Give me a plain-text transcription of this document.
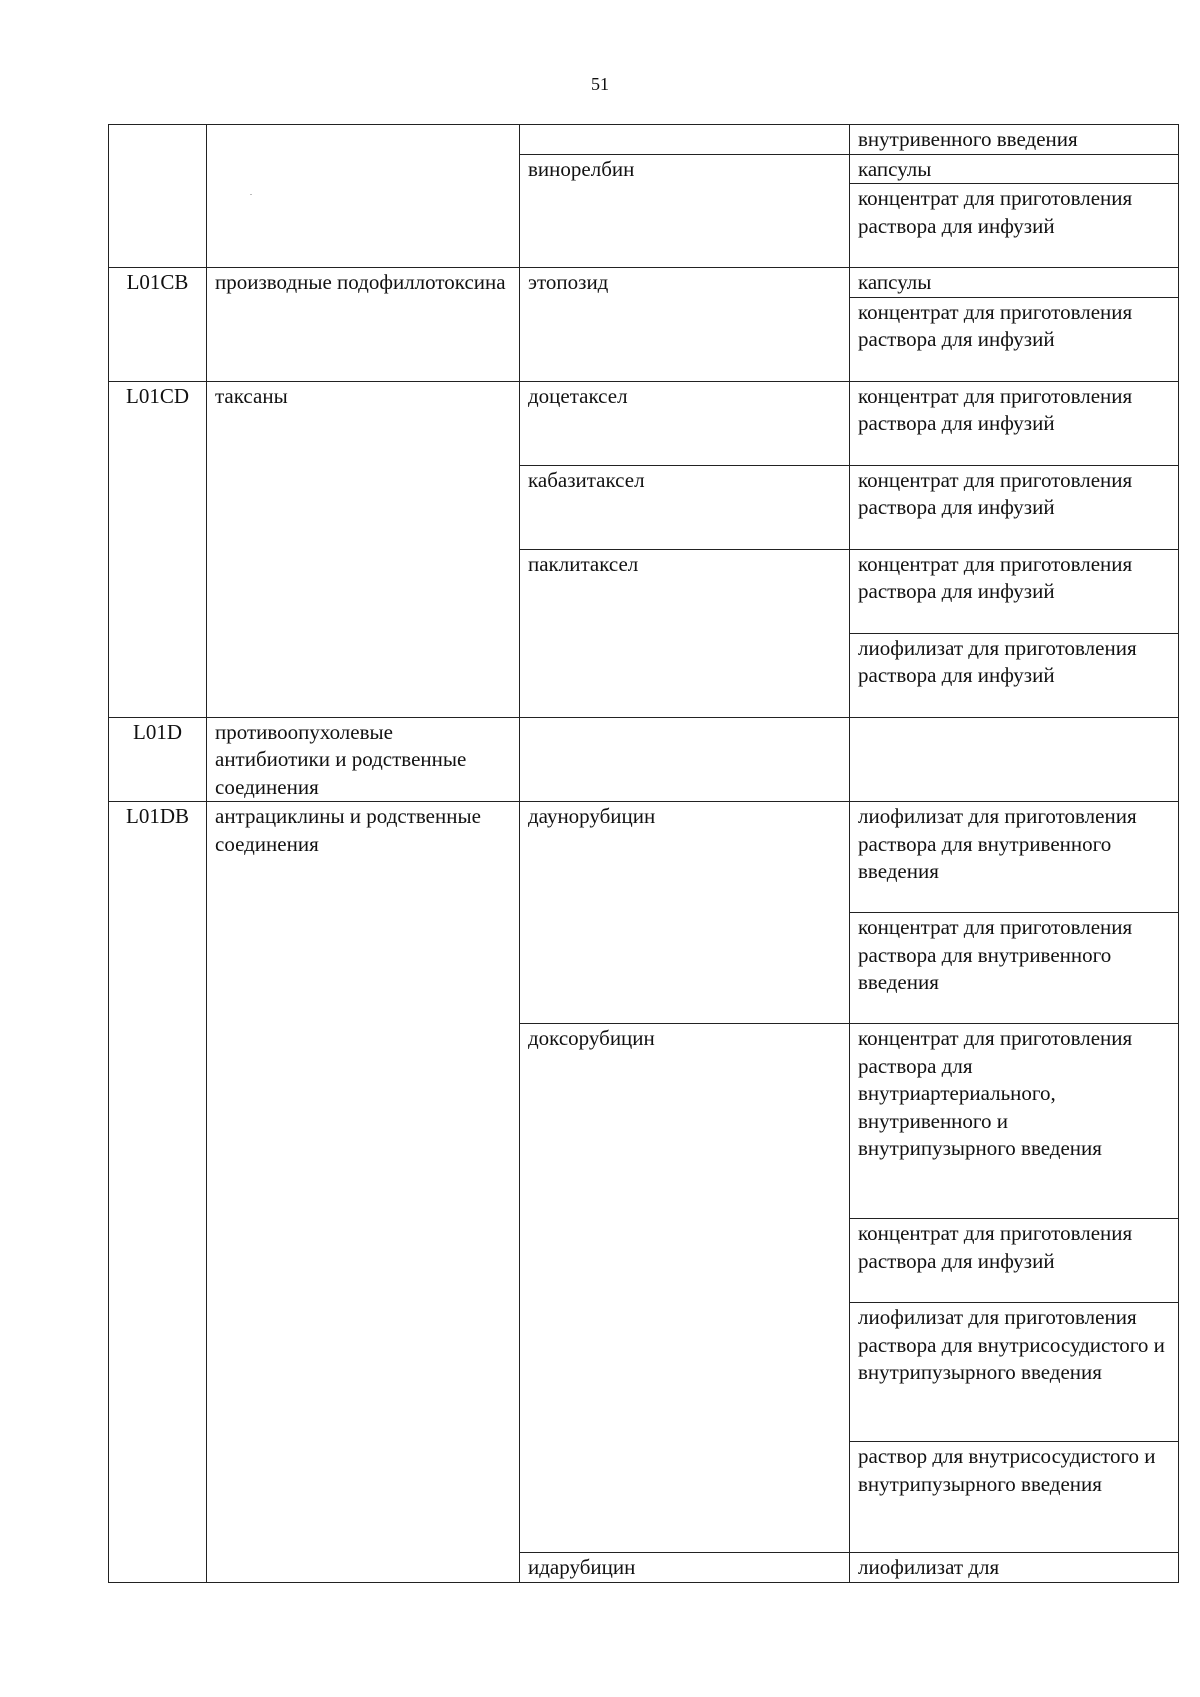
51
			внутривенного введения
		винорелбин	капсулы
			концентрат для приготовления раствора для инфузий
L01CB	производные подофиллотоксина	этопозид	капсулы
			концентрат для приготовления раствора для инфузий
L01CD	таксаны	доцетаксел	концентрат для приготовления раствора для инфузий
		кабазитаксел	концентрат для приготовления раствора для инфузий
		паклитаксел	концентрат для приготовления раствора для инфузий
			лиофилизат для приготовления раствора для инфузий
L01D	противоопухолевые антибиотики и родственные соединения		
L01DB	антрациклины и родственные соединения	даунорубицин	лиофилизат для приготовления раствора для внутривенного введения
			концентрат для приготовления раствора для внутривенного введения
		доксорубицин	концентрат для приготовления раствора для внутриартериального, внутривенного и внутрипузырного введения
			концентрат для приготовления раствора для инфузий
			лиофилизат для приготовления раствора для внутрисосудистого и внутрипузырного введения
			раствор для внутрисосудистого и внутрипузырного введения
		идарубицин	лиофилизат для
